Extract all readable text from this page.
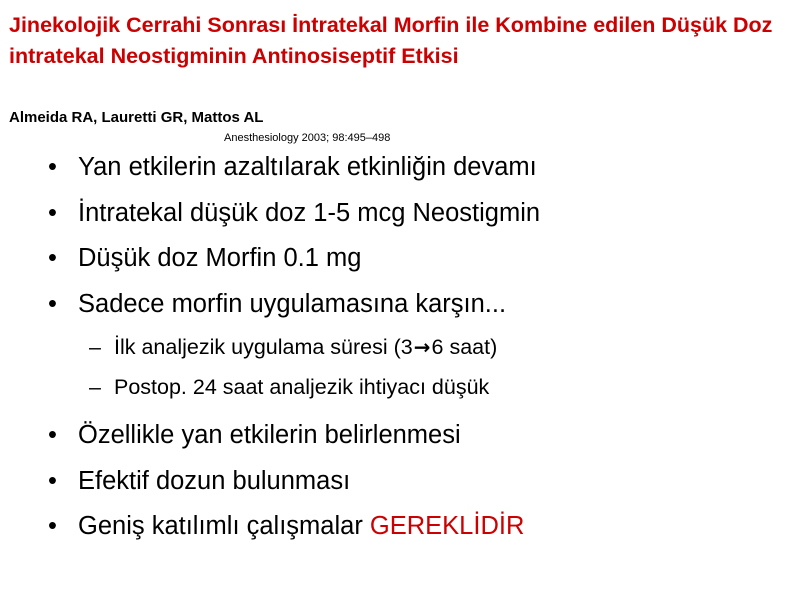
Jinekolojik Cerrahi Sonrası İntratekal Morfin ile Kombine edilen Düşük Doz intratekal Neostigminin Antinosiseptif Etkisi

Almeida RA, Lauretti GR, Mattos AL

Anesthesiology 2003; 98:495–498

• Yan etkilerin azaltılarak etkinliğin devamı
• İntratekal düşük doz 1-5 mcg Neostigmin
• Düşük doz Morfin 0.1 mg
• Sadece morfin uygulamasına karşın...
– İlk analjezik uygulama süresi (3→6 saat)
– Postop. 24 saat analjezik ihtiyacı düşük
• Özellikle yan etkilerin belirlenmesi
• Efektif dozun bulunması
• Geniş katılımlı çalışmalar GEREKLİDİR
